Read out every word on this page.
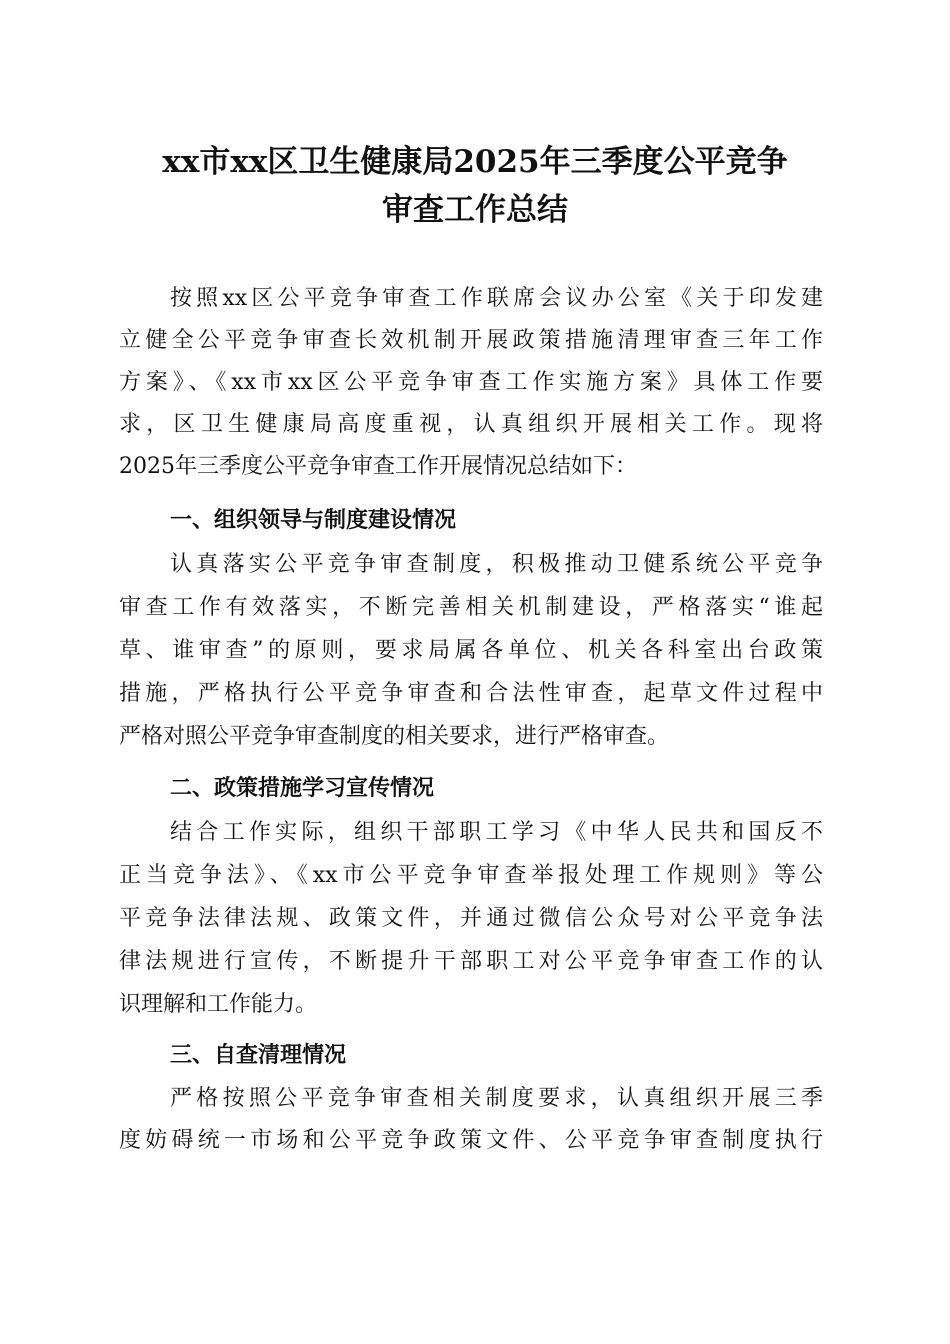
xx市xx区卫生健康局2025年三季度公平竞争
审查工作总结
按照xx区公平竞争审查工作联席会议办公室《关于印发建
立健全公平竞争审查长效机制开展政策措施清理审查三年工作
方案》、《xx市xx区公平竞争审查工作实施方案》具体工作要
求，区卫生健康局高度重视，认真组织开展相关工作。现将
2025年三季度公平竞争审查工作开展情况总结如下：
一、组织领导与制度建设情况
认真落实公平竞争审查制度，积极推动卫健系统公平竞争
审查工作有效落实，不断完善相关机制建设，严格落实“谁起
草、谁审查”的原则，要求局属各单位、机关各科室出台政策
措施，严格执行公平竞争审查和合法性审查，起草文件过程中
严格对照公平竞争审查制度的相关要求，进行严格审查。
二、政策措施学习宣传情况
结合工作实际，组织干部职工学习《中华人民共和国反不
正当竞争法》、《xx市公平竞争审查举报处理工作规则》等公
平竞争法律法规、政策文件，并通过微信公众号对公平竞争法
律法规进行宣传，不断提升干部职工对公平竞争审查工作的认
识理解和工作能力。
三、自查清理情况
严格按照公平竞争审查相关制度要求，认真组织开展三季
度妨碍统一市场和公平竞争政策文件、公平竞争审查制度执行
